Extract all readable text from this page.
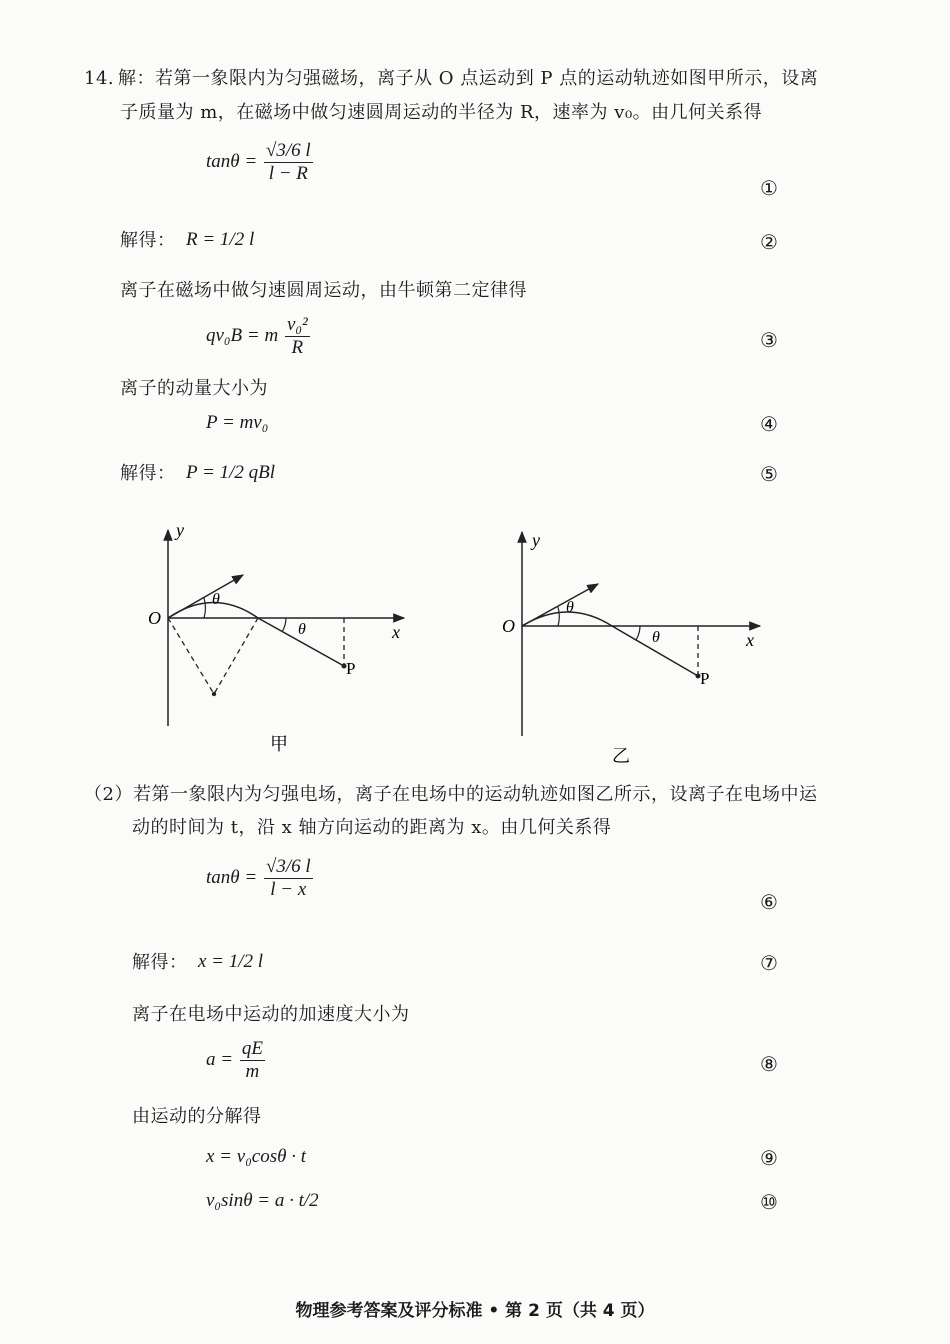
14. 解：若第一象限内为匀强磁场，离子从 O 点运动到 P 点的运动轨迹如图甲所示，设离
子质量为 m，在磁场中做匀速圆周运动的半径为 R，速率为 v₀。由几何关系得
$\tan\theta = \frac{√3/6 l}{l - R}$
①
解得： R = 1/2 l	②
离子在磁场中做匀速圆周运动，由牛顿第二定律得
qv₀B = m $\frac{\text{v₀²}}{R}$	③
离子的动量大小为
P = mv₀	④
解得： P = 1/2 qBl	⑤
y
x
O
P
θ
θ
甲
y
x
O
P
θ
θ
乙
（2）若第一象限内为匀强电场，离子在电场中的运动轨迹如图乙所示，设离子在电场中运
动的时间为 t，沿 x 轴方向运动的距离为 x。由几何关系得
$\tan\theta = \frac{√3/6 l}{l - x}$
⑥
解得： x = 1/2 l	⑦
离子在电场中运动的加速度大小为
$a = \frac{qE}{m}$	⑧
由运动的分解得
x = v₀cosθ · t	⑨
v₀sinθ = a · t/2	⑩
物理参考答案及评分标准 • 第 2 页（共 4 页）
